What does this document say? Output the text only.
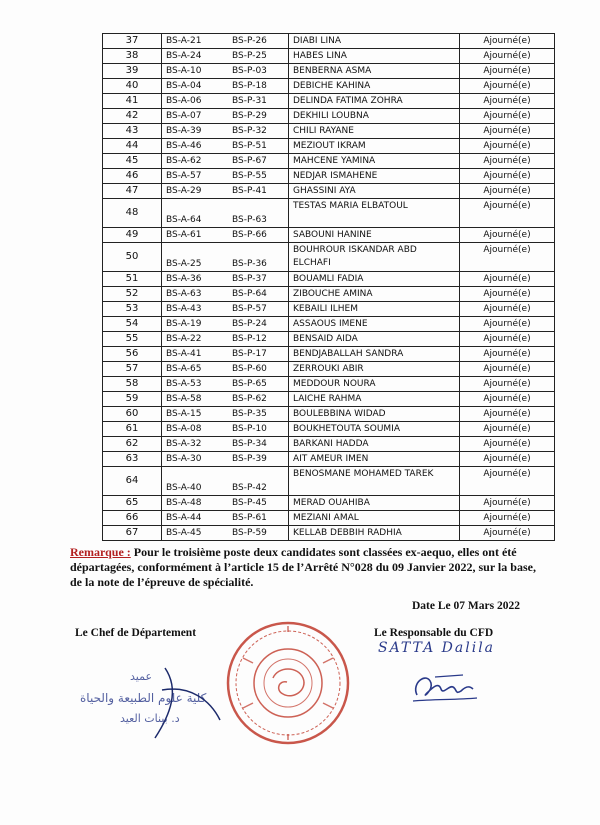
37	BS-A-21	BS-P-26	DIABI LINA	Ajourné(e)
38	BS-A-24	BS-P-25	HABES LINA	Ajourné(e)
39	BS-A-10	BS-P-03	BENBERNA ASMA	Ajourné(e)
40	BS-A-04	BS-P-18	DEBICHE KAHINA	Ajourné(e)
41	BS-A-06	BS-P-31	DELINDA FATIMA ZOHRA	Ajourné(e)
42	BS-A-07	BS-P-29	DEKHILI LOUBNA	Ajourné(e)
43	BS-A-39	BS-P-32	CHILI RAYANE	Ajourné(e)
44	BS-A-46	BS-P-51	MEZIOUT IKRAM	Ajourné(e)
45	BS-A-62	BS-P-67	MAHCENE YAMINA	Ajourné(e)
46	BS-A-57	BS-P-55	NEDJAR ISMAHENE	Ajourné(e)
47	BS-A-29	BS-P-41	GHASSINI AYA	Ajourné(e)
48	BS-A-64	BS-P-63	TESTAS MARIA ELBATOUL	Ajourné(e)
49	BS-A-61	BS-P-66	SABOUNI HANINE	Ajourné(e)
50	BS-A-25	BS-P-36	BOUHROUR ISKANDAR ABD ELCHAFI	Ajourné(e)
51	BS-A-36	BS-P-37	BOUAMLI FADIA	Ajourné(e)
52	BS-A-63	BS-P-64	ZIBOUCHE AMINA	Ajourné(e)
53	BS-A-43	BS-P-57	KEBAILI ILHEM	Ajourné(e)
54	BS-A-19	BS-P-24	ASSAOUS IMENE	Ajourné(e)
55	BS-A-22	BS-P-12	BENSAID AIDA	Ajourné(e)
56	BS-A-41	BS-P-17	BENDJABALLAH SANDRA	Ajourné(e)
57	BS-A-65	BS-P-60	ZERROUKI ABIR	Ajourné(e)
58	BS-A-53	BS-P-65	MEDDOUR NOURA	Ajourné(e)
59	BS-A-58	BS-P-62	LAICHE RAHMA	Ajourné(e)
60	BS-A-15	BS-P-35	BOULEBBINA WIDAD	Ajourné(e)
61	BS-A-08	BS-P-10	BOUKHETOUTA SOUMIA	Ajourné(e)
62	BS-A-32	BS-P-34	BARKANI HADDA	Ajourné(e)
63	BS-A-30	BS-P-39	AIT AMEUR IMEN	Ajourné(e)
64	BS-A-40	BS-P-42	BENOSMANE MOHAMED TAREK	Ajourné(e)
65	BS-A-48	BS-P-45	MERAD OUAHIBA	Ajourné(e)
66	BS-A-44	BS-P-61	MEZIANI AMAL	Ajourné(e)
67	BS-A-45	BS-P-59	KELLAB DEBBIH RADHIA	Ajourné(e)
Remarque : Pour le troisième poste deux candidates sont classées ex-aequo, elles ont été départagées, conformément à l’article 15 de l’Arrêté N°028 du 09 Janvier 2022, sur la base, de la note de l’épreuve de spécialité.
Date Le 07 Mars 2022
Le Chef de Département	Le Responsable du CFD
SATTA Dalila
عميد
كلية علوم الطبيعة والحياة
د. بينات العيد
